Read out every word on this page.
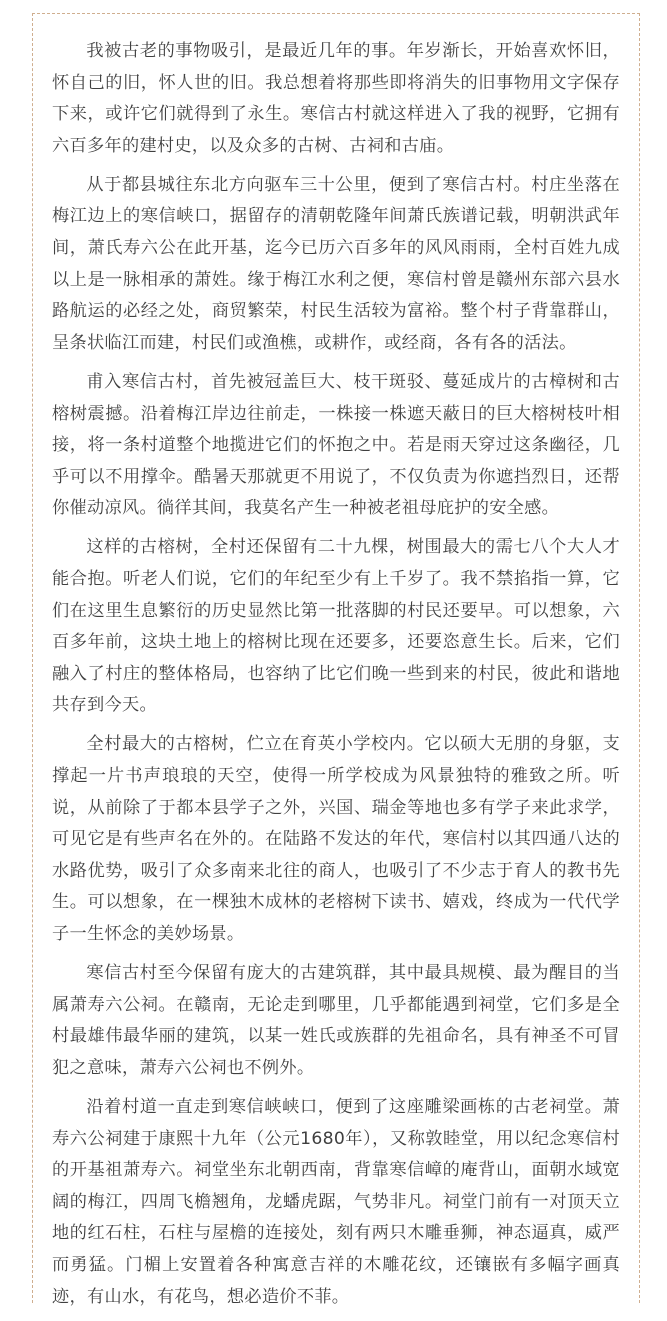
我被古老的事物吸引，是最近几年的事。年岁渐长，开始喜欢怀旧，怀自己的旧，怀人世的旧。我总想着将那些即将消失的旧事物用文字保存下来，或许它们就得到了永生。寒信古村就这样进入了我的视野，它拥有六百多年的建村史，以及众多的古树、古祠和古庙。

从于都县城往东北方向驱车三十公里，便到了寒信古村。村庄坐落在梅江边上的寒信峡口，据留存的清朝乾隆年间萧氏族谱记载，明朝洪武年间，萧氏寿六公在此开基，迄今已历六百多年的风风雨雨，全村百姓九成以上是一脉相承的萧姓。缘于梅江水利之便，寒信村曾是赣州东部六县水路航运的必经之处，商贸繁荣，村民生活较为富裕。整个村子背靠群山，呈条状临江而建，村民们或渔樵，或耕作，或经商，各有各的活法。

甫入寒信古村，首先被冠盖巨大、枝干斑驳、蔓延成片的古樟树和古榕树震撼。沿着梅江岸边往前走，一株接一株遮天蔽日的巨大榕树枝叶相接，将一条村道整个地揽进它们的怀抱之中。若是雨天穿过这条幽径，几乎可以不用撑伞。酷暑天那就更不用说了，不仅负责为你遮挡烈日，还帮你催动凉风。徜徉其间，我莫名产生一种被老祖母庇护的安全感。

这样的古榕树，全村还保留有二十九棵，树围最大的需七八个大人才能合抱。听老人们说，它们的年纪至少有上千岁了。我不禁掐指一算，它们在这里生息繁衍的历史显然比第一批落脚的村民还要早。可以想象，六百多年前，这块土地上的榕树比现在还要多，还要恣意生长。后来，它们融入了村庄的整体格局，也容纳了比它们晚一些到来的村民，彼此和谐地共存到今天。

全村最大的古榕树，伫立在育英小学校内。它以硕大无朋的身躯，支撑起一片书声琅琅的天空，使得一所学校成为风景独特的雅致之所。听说，从前除了于都本县学子之外，兴国、瑞金等地也多有学子来此求学，可见它是有些声名在外的。在陆路不发达的年代，寒信村以其四通八达的水路优势，吸引了众多南来北往的商人，也吸引了不少志于育人的教书先生。可以想象，在一棵独木成林的老榕树下读书、嬉戏，终成为一代代学子一生怀念的美妙场景。

寒信古村至今保留有庞大的古建筑群，其中最具规模、最为醒目的当属萧寿六公祠。在赣南，无论走到哪里，几乎都能遇到祠堂，它们多是全村最雄伟最华丽的建筑，以某一姓氏或族群的先祖命名，具有神圣不可冒犯之意味，萧寿六公祠也不例外。

沿着村道一直走到寒信峡峡口，便到了这座雕梁画栋的古老祠堂。萧寿六公祠建于康熙十九年（公元1680年），又称敦睦堂，用以纪念寒信村的开基祖萧寿六。祠堂坐东北朝西南，背靠寒信嶂的庵背山，面朝水域宽阔的梅江，四周飞檐翘角，龙蟠虎踞，气势非凡。祠堂门前有一对顶天立地的红石柱，石柱与屋檐的连接处，刻有两只木雕垂狮，神态逼真，威严而勇猛。门楣上安置着各种寓意吉祥的木雕花纹，还镶嵌有多幅字画真迹，有山水，有花鸟，想必造价不菲。
